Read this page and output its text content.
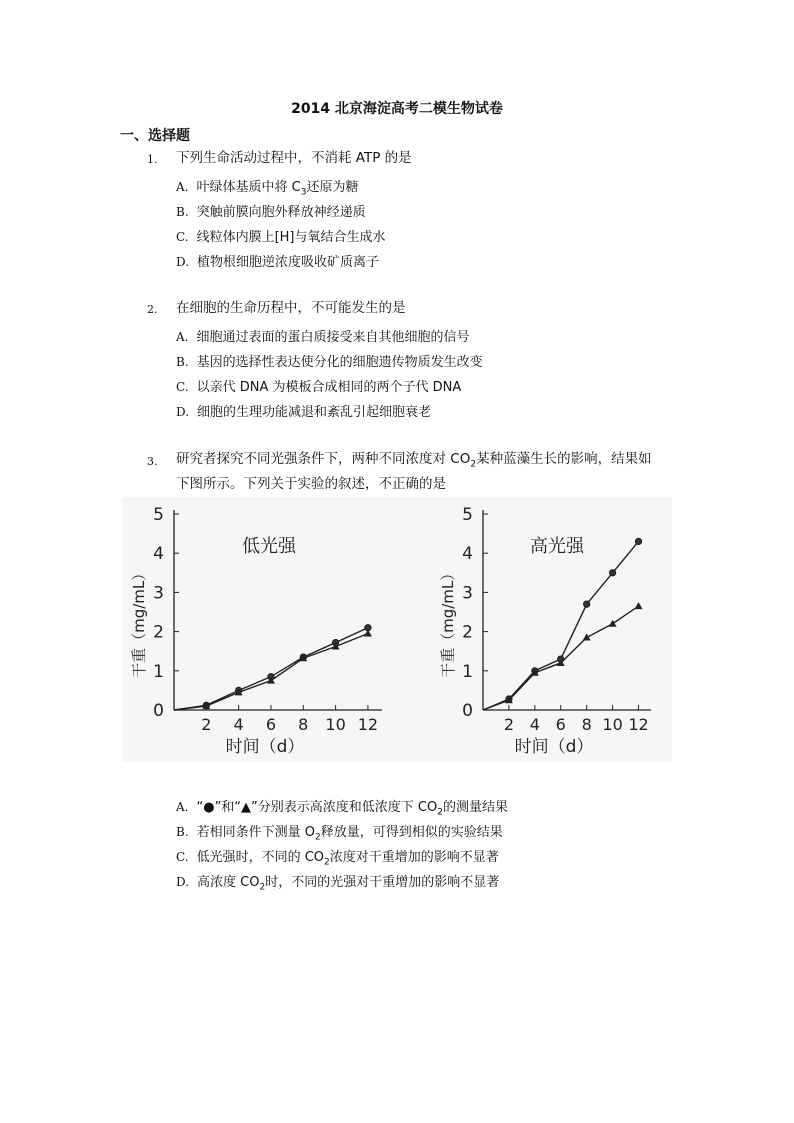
2014 北京海淀高考二模生物试卷
一、选择题
1. 下列生命活动过程中，不消耗 ATP 的是
A. 叶绿体基质中将 $C_3$还原为糖
B. 突触前膜向胞外释放神经递质
C. 线粒体内膜上[H]与氧结合生成水
D. 植物根细胞逆浓度吸收矿质离子
2. 在细胞的生命历程中，不可能发生的是
A. 细胞通过表面的蛋白质接受来自其他细胞的信号
B. 基因的选择性表达使分化的细胞遗传物质发生改变
C. 以亲代 DNA 为模板合成相同的两个子代 DNA
D. 细胞的生理功能减退和紊乱引起细胞衰老
3. 研究者探究不同光强条件下，两种不同浓度对 $CO_2$某种蓝藻生长的影响，结果如
下图所示。下列关于实验的叙述，不正确的是
0
1
2
3
4
5
2 4 6 8 10 12
低光强
时间（d）
干重（mg/mL）
0
1
2
3
4
5
2 4 6 8 10 12
高光强
时间（d）
干重（mg/mL）
A. “●”和“▲”分别表示高浓度和低浓度下 $CO_2$的测量结果
B. 若相同条件下测量 $O_2$释放量，可得到相似的实验结果
C. 低光强时，不同的 $CO_2$浓度对干重增加的影响不显著
D. 高浓度 $CO_2$时，不同的光强对干重增加的影响不显著
